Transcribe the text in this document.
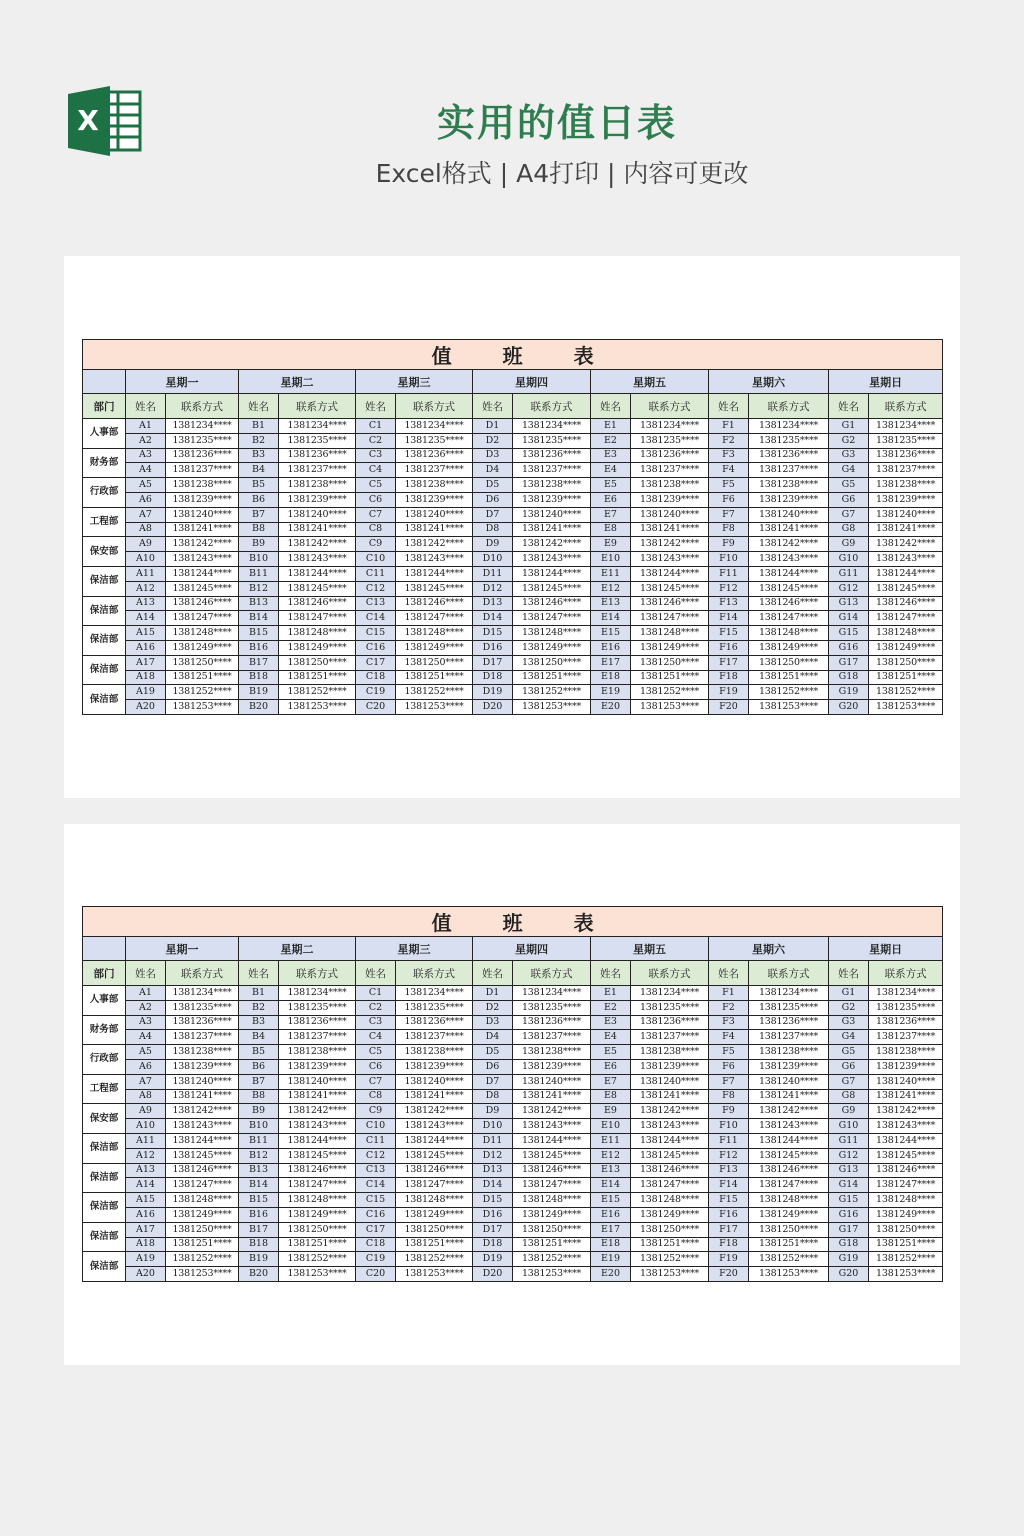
X	实用的值日表
Excel格式 | A4打印 | 内容可更改
值 班 表														
	星期一		星期二		星期三		星期四		星期五		星期六		星期日	
部门	姓名	联系方式	姓名	联系方式	姓名	联系方式	姓名	联系方式	姓名	联系方式	姓名	联系方式	姓名	联系方式
人事部	A1	1381234****	B1	1381234****	C1	1381234****	D1	1381234****	E1	1381234****	F1	1381234****	G1	1381234****
	A2	1381235****	B2	1381235****	C2	1381235****	D2	1381235****	E2	1381235****	F2	1381235****	G2	1381235****
财务部	A3	1381236****	B3	1381236****	C3	1381236****	D3	1381236****	E3	1381236****	F3	1381236****	G3	1381236****
	A4	1381237****	B4	1381237****	C4	1381237****	D4	1381237****	E4	1381237****	F4	1381237****	G4	1381237****
行政部	A5	1381238****	B5	1381238****	C5	1381238****	D5	1381238****	E5	1381238****	F5	1381238****	G5	1381238****
	A6	1381239****	B6	1381239****	C6	1381239****	D6	1381239****	E6	1381239****	F6	1381239****	G6	1381239****
工程部	A7	1381240****	B7	1381240****	C7	1381240****	D7	1381240****	E7	1381240****	F7	1381240****	G7	1381240****
	A8	1381241****	B8	1381241****	C8	1381241****	D8	1381241****	E8	1381241****	F8	1381241****	G8	1381241****
保安部	A9	1381242****	B9	1381242****	C9	1381242****	D9	1381242****	E9	1381242****	F9	1381242****	G9	1381242****
	A10	1381243****	B10	1381243****	C10	1381243****	D10	1381243****	E10	1381243****	F10	1381243****	G10	1381243****
保洁部	A11	1381244****	B11	1381244****	C11	1381244****	D11	1381244****	E11	1381244****	F11	1381244****	G11	1381244****
	A12	1381245****	B12	1381245****	C12	1381245****	D12	1381245****	E12	1381245****	F12	1381245****	G12	1381245****
保洁部	A13	1381246****	B13	1381246****	C13	1381246****	D13	1381246****	E13	1381246****	F13	1381246****	G13	1381246****
	A14	1381247****	B14	1381247****	C14	1381247****	D14	1381247****	E14	1381247****	F14	1381247****	G14	1381247****
保洁部	A15	1381248****	B15	1381248****	C15	1381248****	D15	1381248****	E15	1381248****	F15	1381248****	G15	1381248****
	A16	1381249****	B16	1381249****	C16	1381249****	D16	1381249****	E16	1381249****	F16	1381249****	G16	1381249****
保洁部	A17	1381250****	B17	1381250****	C17	1381250****	D17	1381250****	E17	1381250****	F17	1381250****	G17	1381250****
	A18	1381251****	B18	1381251****	C18	1381251****	D18	1381251****	E18	1381251****	F18	1381251****	G18	1381251****
保洁部	A19	1381252****	B19	1381252****	C19	1381252****	D19	1381252****	E19	1381252****	F19	1381252****	G19	1381252****
	A20	1381253****	B20	1381253****	C20	1381253****	D20	1381253****	E20	1381253****	F20	1381253****	G20	1381253****
值 班 表														
	星期一		星期二		星期三		星期四		星期五		星期六		星期日	
部门	姓名	联系方式	姓名	联系方式	姓名	联系方式	姓名	联系方式	姓名	联系方式	姓名	联系方式	姓名	联系方式
人事部	A1	1381234****	B1	1381234****	C1	1381234****	D1	1381234****	E1	1381234****	F1	1381234****	G1	1381234****
	A2	1381235****	B2	1381235****	C2	1381235****	D2	1381235****	E2	1381235****	F2	1381235****	G2	1381235****
财务部	A3	1381236****	B3	1381236****	C3	1381236****	D3	1381236****	E3	1381236****	F3	1381236****	G3	1381236****
	A4	1381237****	B4	1381237****	C4	1381237****	D4	1381237****	E4	1381237****	F4	1381237****	G4	1381237****
行政部	A5	1381238****	B5	1381238****	C5	1381238****	D5	1381238****	E5	1381238****	F5	1381238****	G5	1381238****
	A6	1381239****	B6	1381239****	C6	1381239****	D6	1381239****	E6	1381239****	F6	1381239****	G6	1381239****
工程部	A7	1381240****	B7	1381240****	C7	1381240****	D7	1381240****	E7	1381240****	F7	1381240****	G7	1381240****
	A8	1381241****	B8	1381241****	C8	1381241****	D8	1381241****	E8	1381241****	F8	1381241****	G8	1381241****
保安部	A9	1381242****	B9	1381242****	C9	1381242****	D9	1381242****	E9	1381242****	F9	1381242****	G9	1381242****
	A10	1381243****	B10	1381243****	C10	1381243****	D10	1381243****	E10	1381243****	F10	1381243****	G10	1381243****
保洁部	A11	1381244****	B11	1381244****	C11	1381244****	D11	1381244****	E11	1381244****	F11	1381244****	G11	1381244****
	A12	1381245****	B12	1381245****	C12	1381245****	D12	1381245****	E12	1381245****	F12	1381245****	G12	1381245****
保洁部	A13	1381246****	B13	1381246****	C13	1381246****	D13	1381246****	E13	1381246****	F13	1381246****	G13	1381246****
	A14	1381247****	B14	1381247****	C14	1381247****	D14	1381247****	E14	1381247****	F14	1381247****	G14	1381247****
保洁部	A15	1381248****	B15	1381248****	C15	1381248****	D15	1381248****	E15	1381248****	F15	1381248****	G15	1381248****
	A16	1381249****	B16	1381249****	C16	1381249****	D16	1381249****	E16	1381249****	F16	1381249****	G16	1381249****
保洁部	A17	1381250****	B17	1381250****	C17	1381250****	D17	1381250****	E17	1381250****	F17	1381250****	G17	1381250****
	A18	1381251****	B18	1381251****	C18	1381251****	D18	1381251****	E18	1381251****	F18	1381251****	G18	1381251****
保洁部	A19	1381252****	B19	1381252****	C19	1381252****	D19	1381252****	E19	1381252****	F19	1381252****	G19	1381252****
	A20	1381253****	B20	1381253****	C20	1381253****	D20	1381253****	E20	1381253****	F20	1381253****	G20	1381253****
